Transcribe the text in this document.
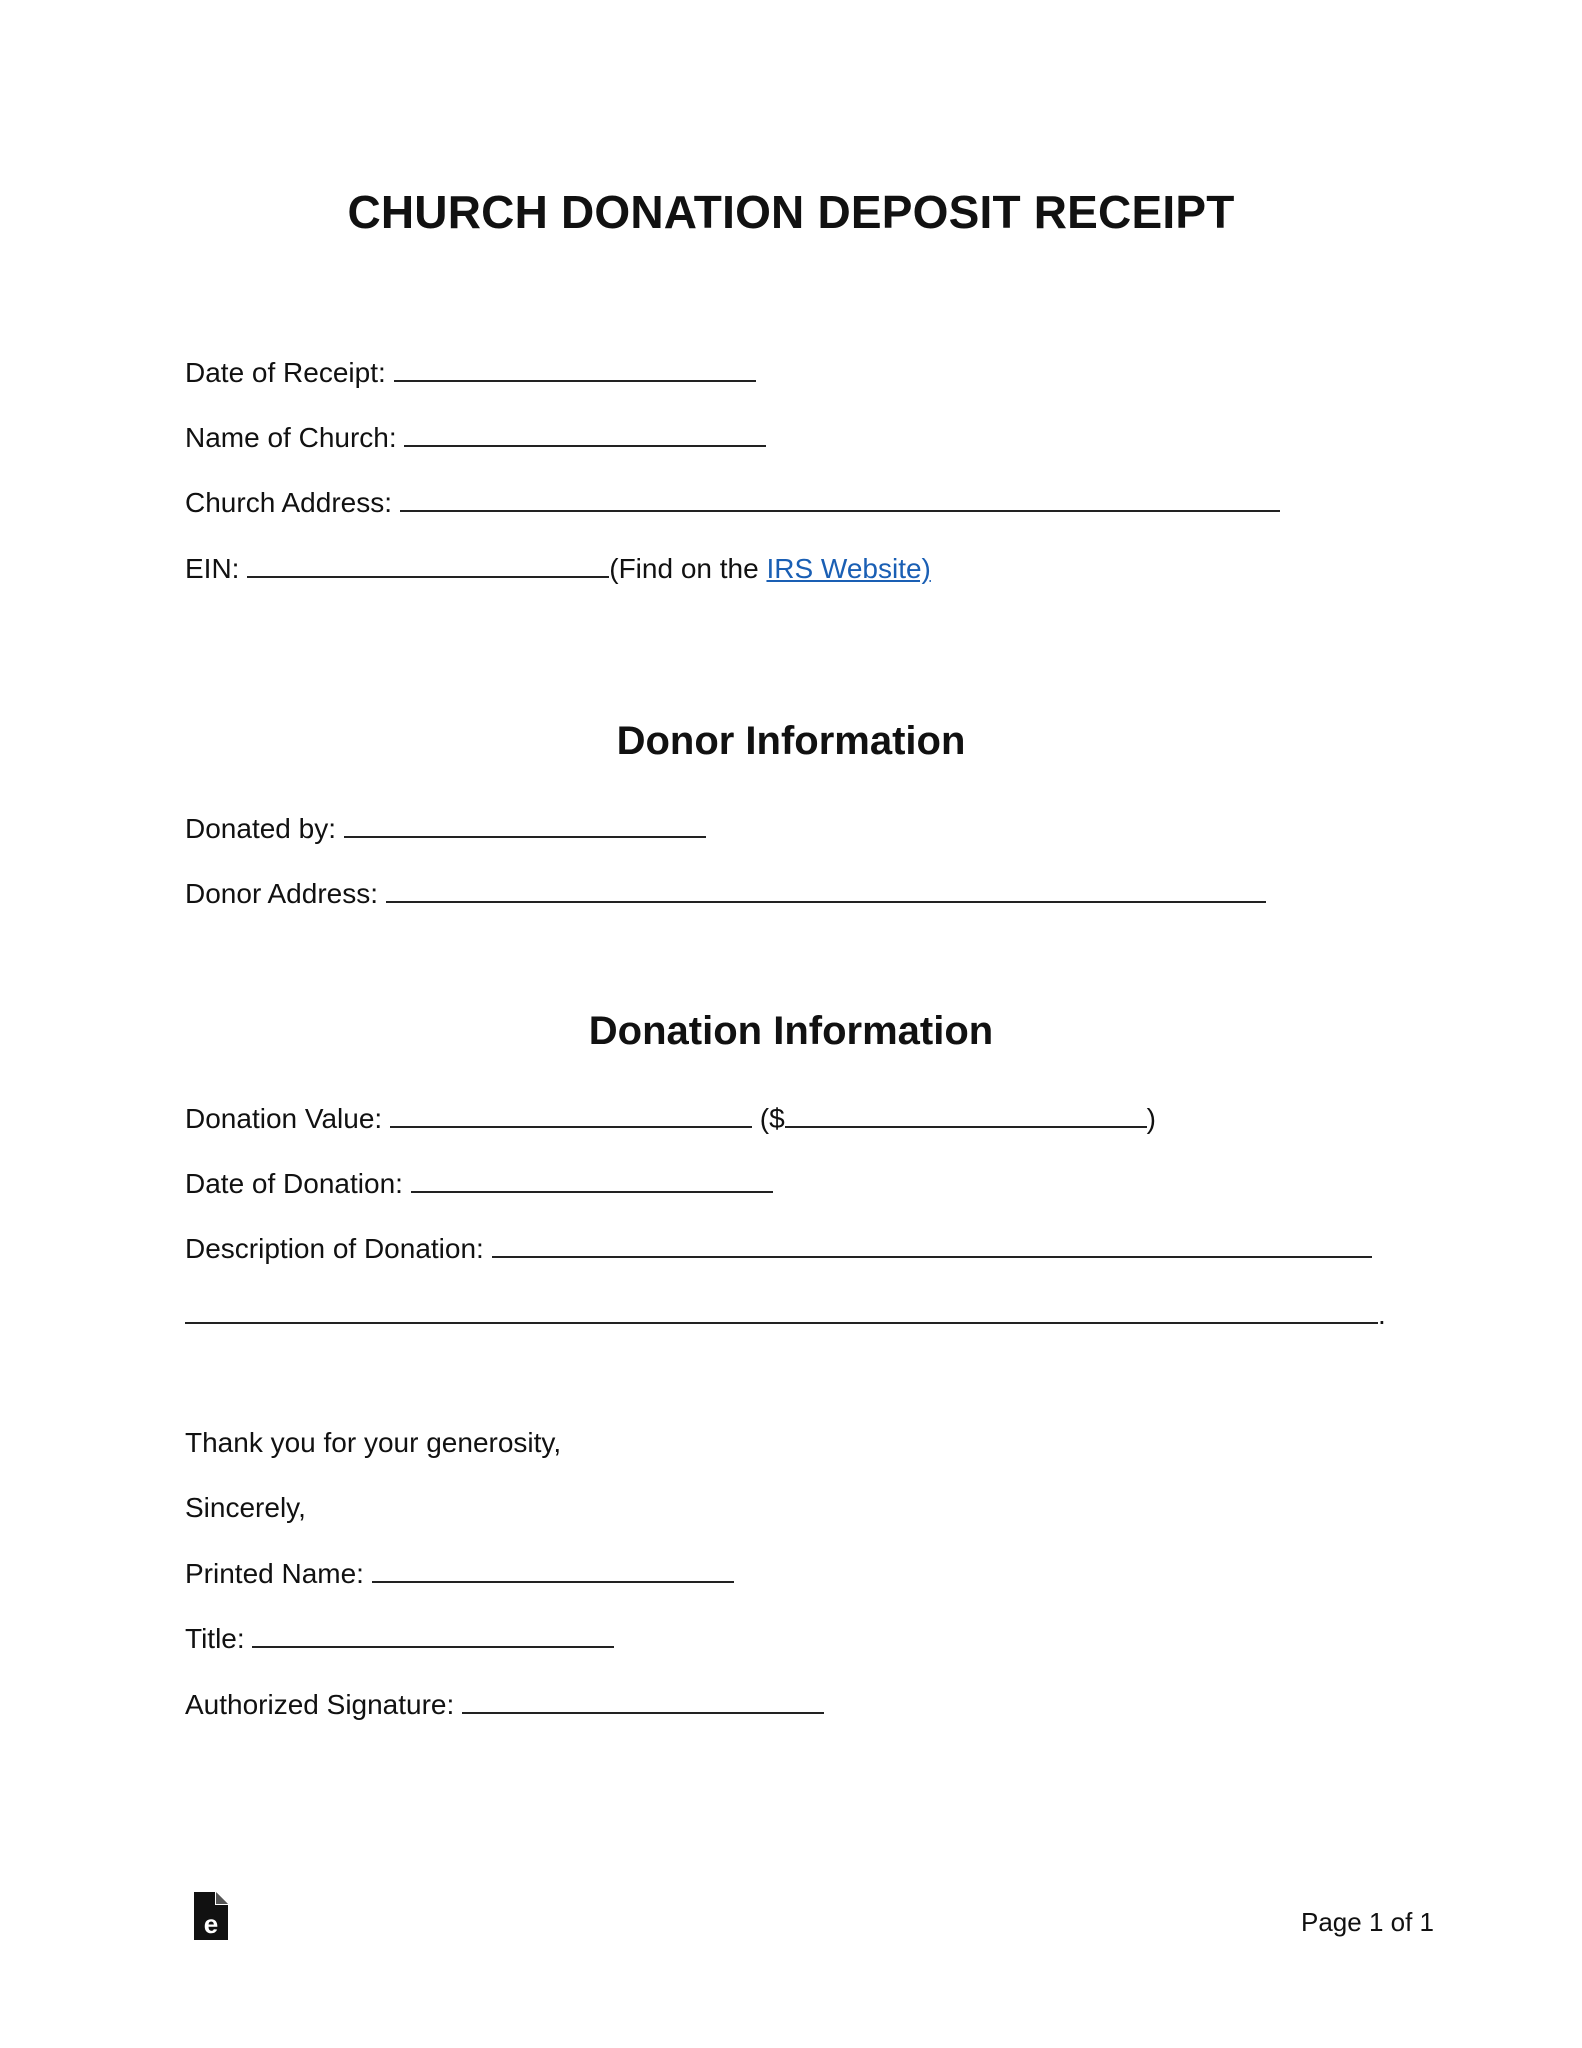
CHURCH DONATION DEPOSIT RECEIPT
Date of Receipt:
Name of Church:
Church Address:
EIN:	(Find on the IRS Website)
Donor Information
Donated by:
Donor Address:
Donation Information
Donation Value:	($	)
Date of Donation:
Description of Donation:
.
Thank you for your generosity,
Sincerely,
Printed Name:
Title:
Authorized Signature:
e	Page 1 of 1
